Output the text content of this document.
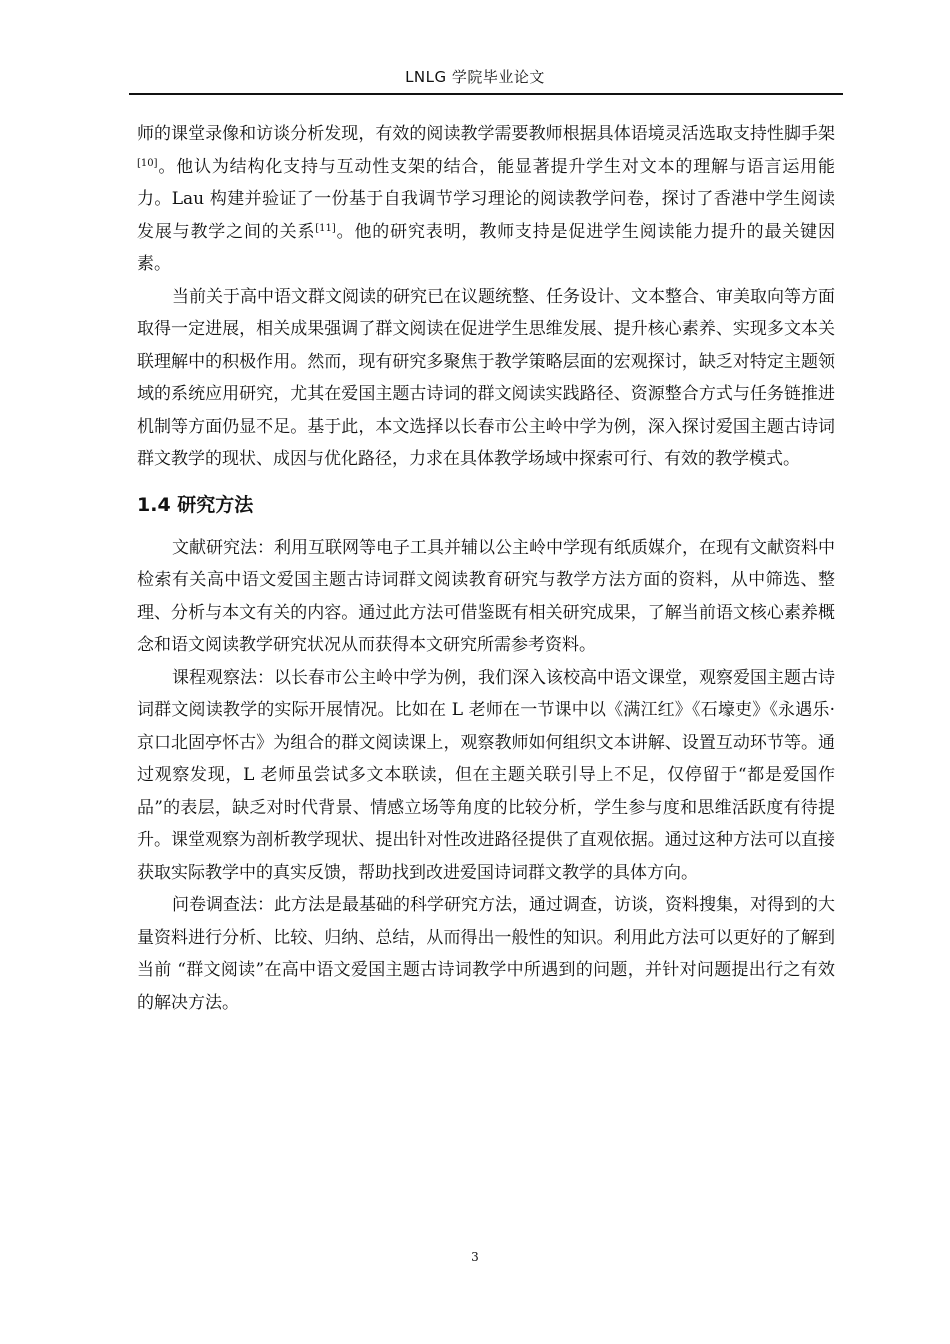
LNLG 学院毕业论文

师的课堂录像和访谈分析发现，有效的阅读教学需要教师根据具体语境灵活选取支持性脚手架[10]。他认为结构化支持与互动性支架的结合，能显著提升学生对文本的理解与语言运用能力。Lau 构建并验证了一份基于自我调节学习理论的阅读教学问卷，探讨了香港中学生阅读发展与教学之间的关系[11]。他的研究表明，教师支持是促进学生阅读能力提升的最关键因素。

当前关于高中语文群文阅读的研究已在议题统整、任务设计、文本整合、审美取向等方面取得一定进展，相关成果强调了群文阅读在促进学生思维发展、提升核心素养、实现多文本关联理解中的积极作用。然而，现有研究多聚焦于教学策略层面的宏观探讨，缺乏对特定主题领域的系统应用研究，尤其在爱国主题古诗词的群文阅读实践路径、资源整合方式与任务链推进机制等方面仍显不足。基于此，本文选择以长春市公主岭中学为例，深入探讨爱国主题古诗词群文教学的现状、成因与优化路径，力求在具体教学场域中探索可行、有效的教学模式。

1.4 研究方法

文献研究法：利用互联网等电子工具并辅以公主岭中学现有纸质媒介，在现有文献资料中检索有关高中语文爱国主题古诗词群文阅读教育研究与教学方法方面的资料，从中筛选、整理、分析与本文有关的内容。通过此方法可借鉴既有相关研究成果，了解当前语文核心素养概念和语文阅读教学研究状况从而获得本文研究所需参考资料。

课程观察法：以长春市公主岭中学为例，我们深入该校高中语文课堂，观察爱国主题古诗词群文阅读教学的实际开展情况。比如在 L 老师在一节课中以《满江红》《石壕吏》《永遇乐·京口北固亭怀古》为组合的群文阅读课上，观察教师如何组织文本讲解、设置互动环节等。通过观察发现，L 老师虽尝试多文本联读，但在主题关联引导上不足，仅停留于“都是爱国作品”的表层，缺乏对时代背景、情感立场等角度的比较分析，学生参与度和思维活跃度有待提升。课堂观察为剖析教学现状、提出针对性改进路径提供了直观依据。通过这种方法可以直接获取实际教学中的真实反馈，帮助找到改进爱国诗词群文教学的具体方向。

问卷调查法：此方法是最基础的科学研究方法，通过调查，访谈，资料搜集，对得到的大量资料进行分析、比较、归纳、总结，从而得出一般性的知识。利用此方法可以更好的了解到当前 “群文阅读”在高中语文爱国主题古诗词教学中所遇到的问题，并针对问题提出行之有效的解决方法。

3
